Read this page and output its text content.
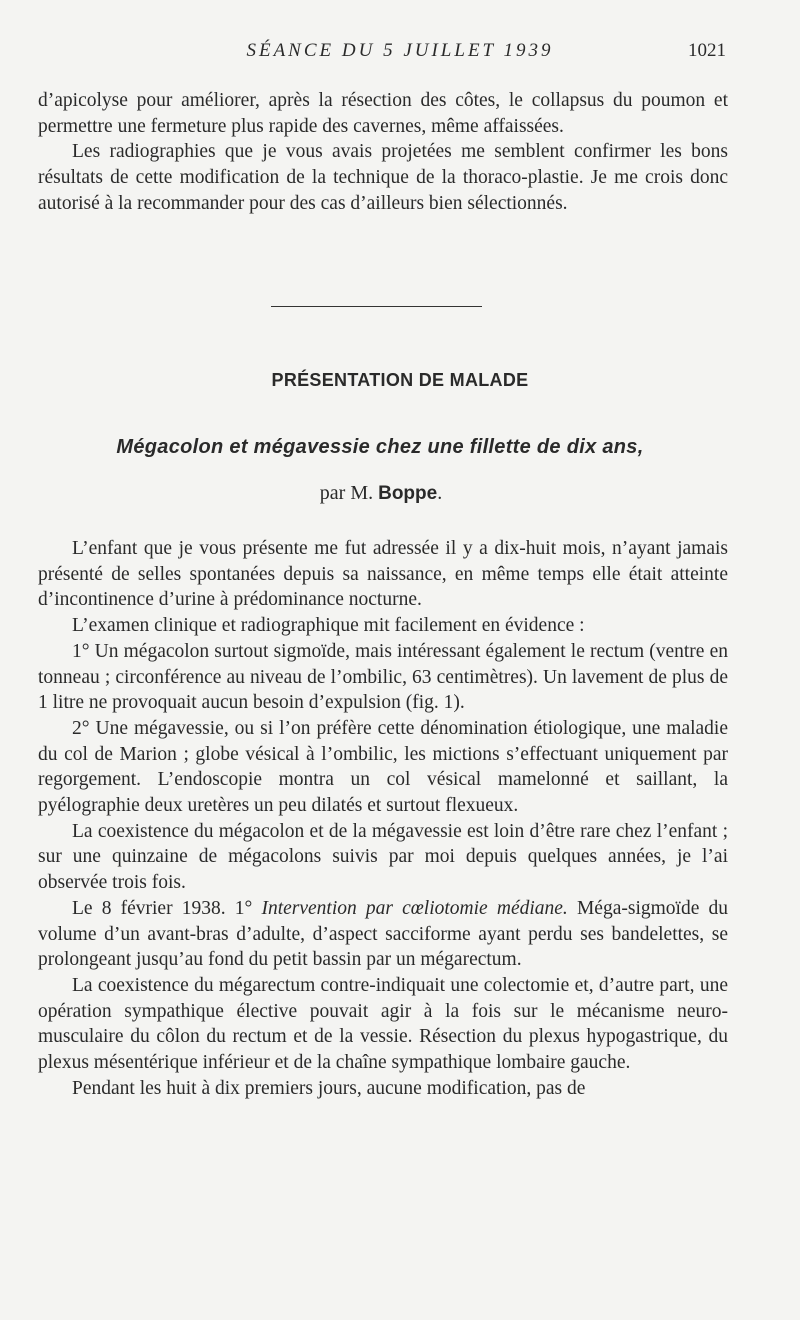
SÉANCE DU 5 JUILLET 1939	1021

d’apicolyse pour améliorer, après la résection des côtes, le collapsus du poumon et permettre une fermeture plus rapide des cavernes, même affaissées.

Les radiographies que je vous avais projetées me semblent confirmer les bons résultats de cette modification de la technique de la thoraco-plastie. Je me crois donc autorisé à la recommander pour des cas d’ailleurs bien sélectionnés.

PRÉSENTATION DE MALADE
Mégacolon et mégavessie chez une fillette de dix ans,
par M. Boppe.

L’enfant que je vous présente me fut adressée il y a dix-huit mois, n’ayant jamais présenté de selles spontanées depuis sa naissance, en même temps elle était atteinte d’incontinence d’urine à prédominance nocturne.

L’examen clinique et radiographique mit facilement en évidence :

1° Un mégacolon surtout sigmoïde, mais intéressant également le rectum (ventre en tonneau ; circonférence au niveau de l’ombilic, 63 centimètres). Un lavement de plus de 1 litre ne provoquait aucun besoin d’expulsion (fig. 1).

2° Une mégavessie, ou si l’on préfère cette dénomination étiologique, une maladie du col de Marion ; globe vésical à l’ombilic, les mictions s’effectuant uniquement par regorgement. L’endoscopie montra un col vésical mamelonné et saillant, la pyélographie deux uretères un peu dilatés et surtout flexueux.

La coexistence du mégacolon et de la mégavessie est loin d’être rare chez l’enfant ; sur une quinzaine de mégacolons suivis par moi depuis quelques années, je l’ai observée trois fois.

Le 8 février 1938. 1° Intervention par cœliotomie médiane. Méga-sigmoïde du volume d’un avant-bras d’adulte, d’aspect sacciforme ayant perdu ses bandelettes, se prolongeant jusqu’au fond du petit bassin par un mégarectum.

La coexistence du mégarectum contre-indiquait une colectomie et, d’autre part, une opération sympathique élective pouvait agir à la fois sur le mécanisme neuro-musculaire du côlon du rectum et de la vessie. Résection du plexus hypogastrique, du plexus mésentérique inférieur et de la chaîne sympathique lombaire gauche.

Pendant les huit à dix premiers jours, aucune modification, pas de
